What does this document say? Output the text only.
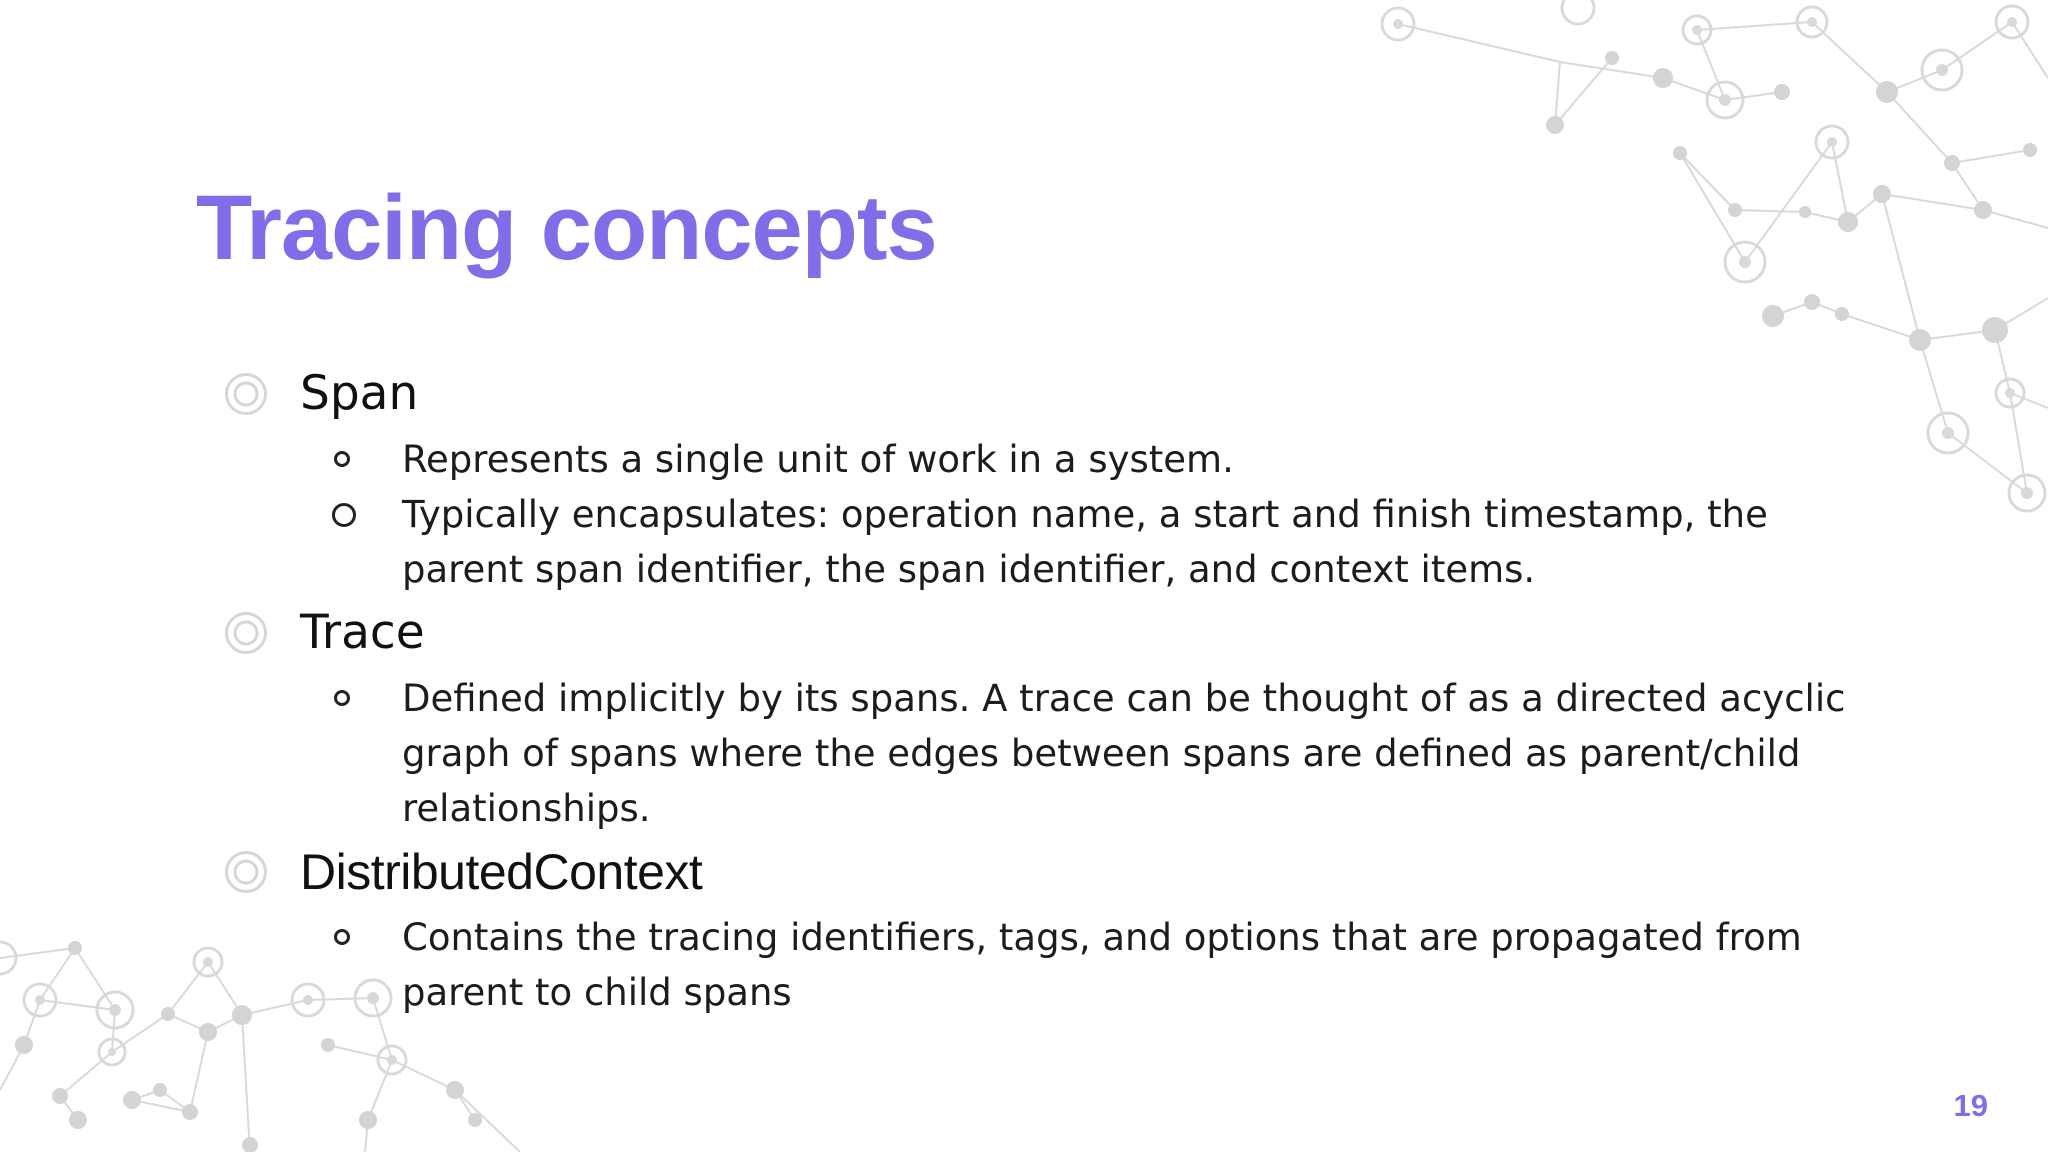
Tracing concepts
Span
Represents a single unit of work in a system.
Typically encapsulates: operation name, a start and finish timestamp, the parent span identifier, the span identifier, and context items.
Trace
Defined implicitly by its spans. A trace can be thought of as a directed acyclic graph of spans where the edges between spans are defined as parent/child relationships.
DistributedContext
Contains the tracing identifiers, tags, and options that are propagated from parent to child spans
19
